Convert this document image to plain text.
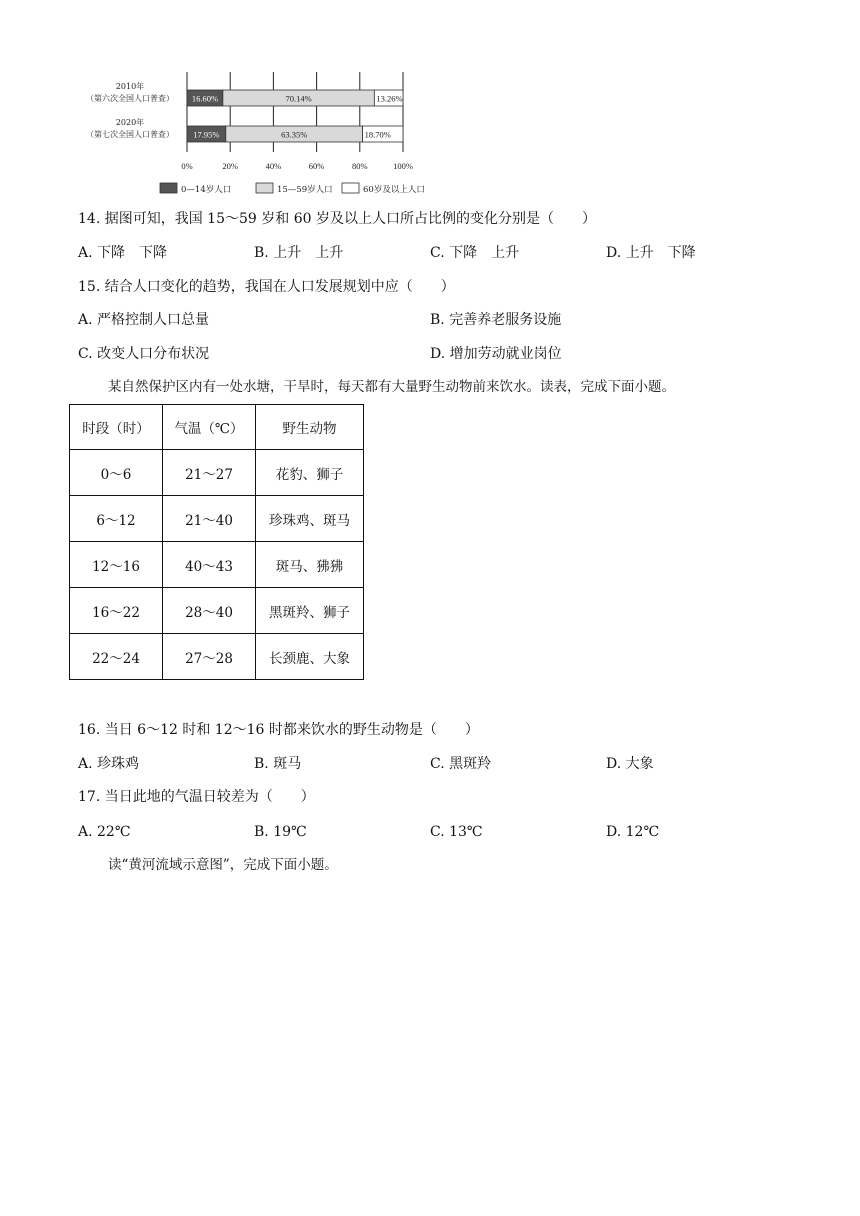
0%	20%	40%	60%	80%	100%
16.60%	70.14%	13.26%
2010年
（第六次全国人口普查）
17.95%	63.35%	18.70%
2020年
（第七次全国人口普查）
0—14岁人口	15—59岁人口	60岁及以上人口
14. 据图可知，我国 15～59 岁和 60 岁及以上人口所占比例的变化分别是（　　）
A. 下降　下降	B. 上升　上升	C. 下降　上升	D. 上升　下降
15. 结合人口变化的趋势，我国在人口发展规划中应（　　）
A. 严格控制人口总量	B. 完善养老服务设施
C. 改变人口分布状况	D. 增加劳动就业岗位
某自然保护区内有一处水塘，干旱时，每天都有大量野生动物前来饮水。读表，完成下面小题。
时段（时）	气温（℃）	野生动物
0～6	21～27	花豹、狮子
6～12	21～40	珍珠鸡、斑马
12～16	40～43	斑马、狒狒
16～22	28～40	黑斑羚、狮子
22～24	27～28	长颈鹿、大象
16. 当日 6～12 时和 12～16 时都来饮水的野生动物是（　　）
A. 珍珠鸡	B. 斑马	C. 黑斑羚	D. 大象
17. 当日此地的气温日较差为（　　）
A. 22℃	B. 19℃	C. 13℃	D. 12℃
读“黄河流域示意图”，完成下面小题。
